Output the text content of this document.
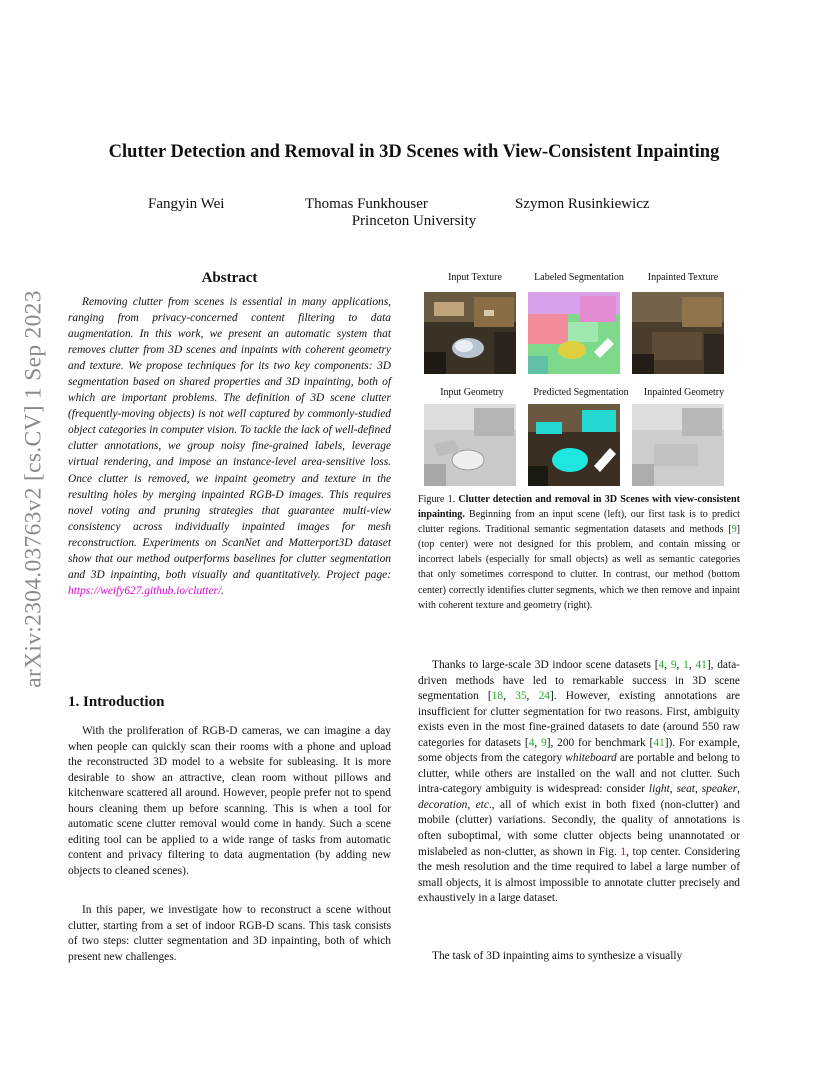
Clutter Detection and Removal in 3D Scenes with View-Consistent Inpainting
Fangyin Wei	Thomas Funkhouser	Szymon Rusinkiewicz
Princeton University
arXiv:2304.03763v2 [cs.CV] 1 Sep 2023
Abstract

Removing clutter from scenes is essential in many applications, ranging from privacy-concerned content filtering to data augmentation. In this work, we present an automatic system that removes clutter from 3D scenes and inpaints with coherent geometry and texture. We propose techniques for its two key components: 3D segmentation based on shared properties and 3D inpainting, both of which are important problems. The definition of 3D scene clutter (frequently-moving objects) is not well captured by commonly-studied object categories in computer vision. To tackle the lack of well-defined clutter annotations, we group noisy fine-grained labels, leverage virtual rendering, and impose an instance-level area-sensitive loss. Once clutter is removed, we inpaint geometry and texture in the resulting holes by merging inpainted RGB-D images. This requires novel voting and pruning strategies that guarantee multi-view consistency across individually inpainted images for mesh reconstruction. Experiments on ScanNet and Matterport3D dataset show that our method outperforms baselines for clutter segmentation and 3D inpainting, both visually and quantitatively. Project page: https://weify627.github.io/clutter/.

1. Introduction

With the proliferation of RGB-D cameras, we can imagine a day when people can quickly scan their rooms with a phone and upload the reconstructed 3D model to a website for subleasing. It is more desirable to show an attractive, clean room without pillows and kitchenware scattered all around. However, people prefer not to spend hours cleaning them up before scanning. This is when a tool for automatic scene clutter removal would come in handy. Such a scene editing tool can be applied to a wide range of tasks from automatic content and privacy filtering to data augmentation (by adding new objects to cleaned scenes).

In this paper, we investigate how to reconstruct a scene without clutter, starting from a set of indoor RGB-D scans. This task consists of two steps: clutter segmentation and 3D inpainting, both of which present new challenges.

Input Texture	Labeled Segmentation	Inpainted Texture
Input Geometry	Predicted Segmentation	Inpainted Geometry

Figure 1. Clutter detection and removal in 3D Scenes with view-consistent inpainting. Beginning from an input scene (left), our first task is to predict clutter regions. Traditional semantic segmentation datasets and methods [9] (top center) were not designed for this problem, and contain missing or incorrect labels (especially for small objects) as well as semantic categories that only sometimes correspond to clutter. In contrast, our method (bottom center) correctly identifies clutter segments, which we then remove and inpaint with coherent texture and geometry (right).

Thanks to large-scale 3D indoor scene datasets [4, 9, 1, 41], data-driven methods have led to remarkable success in 3D scene segmentation [18, 35, 24]. However, existing annotations are insufficient for clutter segmentation for two reasons. First, ambiguity exists even in the most fine-grained datasets to date (around 550 raw categories for datasets [4, 9], 200 for benchmark [41]). For example, some objects from the category whiteboard are portable and belong to clutter, while others are installed on the wall and not clutter. Such intra-category ambiguity is widespread: consider light, seat, speaker, decoration, etc., all of which exist in both fixed (non-clutter) and mobile (clutter) variations. Secondly, the quality of annotations is often suboptimal, with some clutter objects being unannotated or mislabeled as non-clutter, as shown in Fig. 1, top center. Considering the mesh resolution and the time required to label a large number of small objects, it is almost impossible to annotate clutter precisely and exhaustively in a large dataset.

The task of 3D inpainting aims to synthesize a visually
